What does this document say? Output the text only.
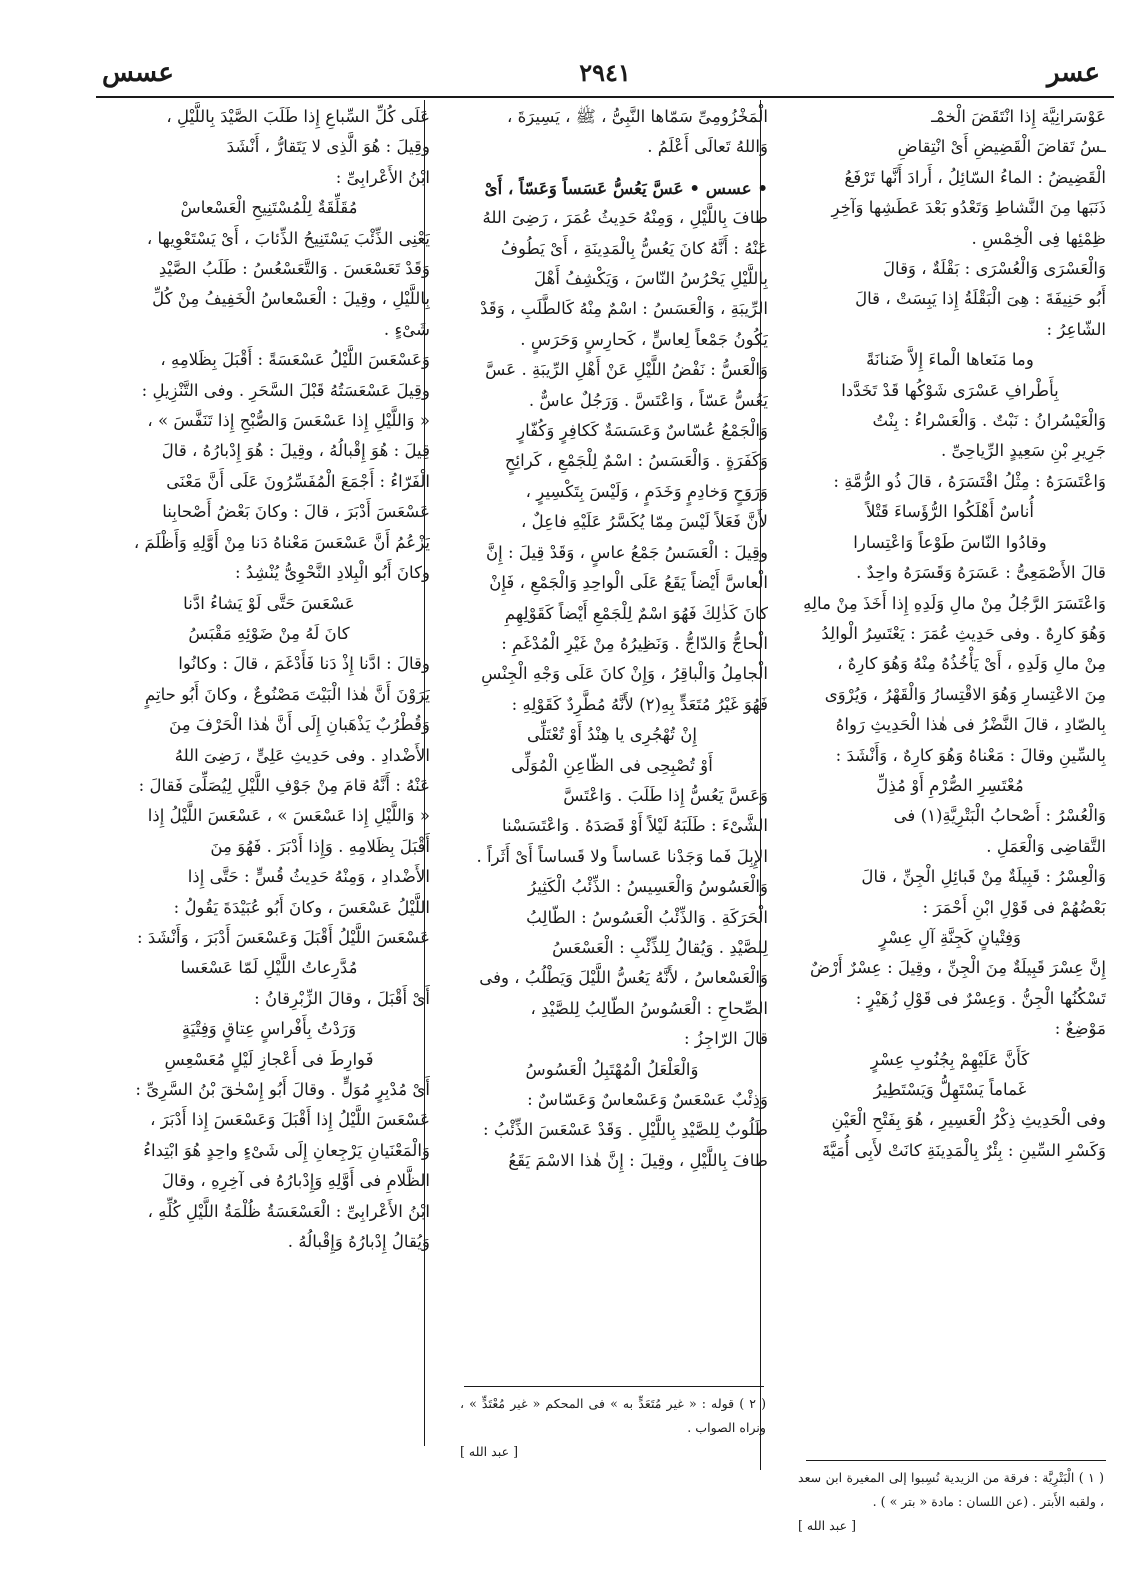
عسر
٢٩٤١
عسس

عَوْسَرانِيَّة إِذا انْتَقَضَ الْخمْـ

ـسُ تَقاضَ الْقَضِيضِ أَىْ انْتِقاضِ

الْقَضِيضُ : الماءُ السّائِلُ ، أَرادَ أَنَّها تَرْفَعُ

ذَنَبَها مِنَ النَّشاطِ وَتَعْدُو بَعْدَ عَطَشِها وَآخِرِ

ظِمْئِها فِى الْخِمْسِ .

وَالْعَسْرَى وَالْعُسْرَى : بَقْلَةٌ ، وَقالَ

أَبُو حَنِيفَةَ : هِىَ الْبَقْلَةُ إِذا يَبِسَتْ ، قالَ

الشّاعِرُ :

وما مَنَعاها الْماءَ إِلاَّ ضَنانَةً

بِأَطْرافِ عَسْرَى شَوْكُها قَدْ تَخَدَّدا

وَالْعَيْسُرانُ : نَبْتٌ . وَالْعَسْراءُ : بِنْتُ

جَرِيرِ بْنِ سَعِيدٍ الرِّياحِىِّ .

وَاعْتَسَرَهُ : مِثْلُ اقْتَسَرَهُ ، قالَ ذُو الرُّمَّةِ :

أُناسٌ أَهْلَكُوا الرُّؤَساءَ قَتْلاً

وقادُوا النّاسَ طَوْعاً وَاعْتِسارا

قالَ الأَصْمَعِىُّ : عَسَرَهُ وَقَسَرَهُ واحِدٌ .

وَاعْتَسَرَ الرَّجُلُ مِنْ مالِ وَلَدِهِ إِذا أَخَذَ مِنْ مالِهِ

وَهُوَ كارِهٌ . وفى حَدِيثِ عُمَرَ : يَعْتَسِرُ الْوالِدُ

مِنْ مالِ وَلَدِهِ ، أَىْ يَأْخُذُهُ مِنْهُ وَهُوَ كارِهٌ ،

مِنَ الاعْتِسارِ وَهُوَ الاقْتِسارُ وَالْقَهْرُ ، وَيُرْوَى

بِالصّادِ ، قالَ النَّضْرُ فى هٰذا الْحَدِيثِ رَواهُ

بِالسِّينِ وقالَ : مَعْناهُ وَهُوَ كارِهٌ ، وَأَنْشَدَ :

مُعْتَسِرِ الصُّرْمِ أَوْ مُذِلِّ

وَالْعُسْرُ : أَصْحابُ الْبَتْرِيَّةِ(١) فى

التَّقاضِى وَالْعَمَلِ .

وَالْعِسْرُ : قَبِيلَةٌ مِنْ قَبائِلِ الْجِنِّ ، قالَ

بَعْضُهُمْ فى قَوْلِ ابْنِ أَحْمَرَ :

وَفِتْيانٍ كَجِنَّةِ آلِ عِسْرٍ

إِنَّ عِسْرَ قَبِيلَةٌ مِنَ الْجِنِّ ، وقِيلَ : عِسْرٌ أَرْضٌ

تَسْكُنُها الْجِنُّ . وَعِسْرٌ فى قَوْلِ زُهَيْرٍ :

مَوْضِعٌ :

كَأَنَّ عَلَيْهِمْ بِجُنُوبِ عِسْرٍ

غَماماً يَسْتَهِلُّ وَيَسْتَطِيرُ

وفى الْحَدِيثِ ذِكْرُ الْعَسِيرِ ، هُوَ بِفَتْحِ الْعَيْنِ

وَكَسْرِ السِّينِ : بِئْرٌ بِالْمَدِينَةِ كانَتْ لأَبِى أُمَيَّةَ

الْمَخْزُومِىِّ سَمّاها النَّبِىُّ ، ﷺ ، يَسِيرَةَ ،

وَاللهُ تَعالَى أَعْلَمُ .

• عسس • عَسَّ يَعُسُّ عَسَساً وَعَسّاً ، أَىْ

طافَ بِاللَّيْلِ ، وَمِنْهُ حَدِيثُ عُمَرَ ، رَضِىَ اللهُ

عَنْهُ : أَنَّهُ كانَ يَعُسُّ بِالْمَدِينَةِ ، أَىْ يَطُوفُ

بِاللَّيْلِ يَحْرُسُ النّاسَ ، وَيَكْشِفُ أَهْلَ

الرِّيبَةِ ، وَالْعَسَسُ : اسْمٌ مِنْهُ كَالطَّلَبِ ، وَقَدْ

يَكُونُ جَمْعاً لِعاسٍّ ، كَحارِسٍ وَحَرَسٍ .

وَالْعَسُّ : نَفْضُ اللَّيْلِ عَنْ أَهْلِ الرِّيبَةِ . عَسَّ

يَعُسُّ عَسّاً ، وَاعْتَسَّ . وَرَجُلٌ عاسٌّ .

وَالْجَمْعُ عُسّاسٌ وَعَسَسَةٌ كَكافِرٍ وَكُفّارٍ

وَكَفَرَةٍ . وَالْعَسَسُ : اسْمٌ لِلْجَمْعِ ، كَرائِحٍ

وَرَوَحٍ وَخادِمٍ وَخَدَمٍ ، وَلَيْسَ بِتَكْسِيرٍ ،

لأَنَّ فَعَلاً لَيْسَ مِمّا يُكَسَّرُ عَلَيْهِ فاعِلٌ ،

وقِيلَ : الْعَسَسُ جَمْعُ عاسٍ ، وَقَدْ قِيلَ : إِنَّ

الْعاسَّ أَيْضاً يَقَعُ عَلَى الْواحِدِ وَالْجَمْعِ ، فَإِنْ

كانَ كَذٰلِكَ فَهُوَ اسْمٌ لِلْجَمْعِ أَيْضاً كَقَوْلِهِمِ

الْحاجُّ وَالدّاجُّ . وَنَظِيرُهُ مِنْ غَيْرِ الْمُدْغَمِ :

الْجامِلُ وَالْباقِرُ ، وَإِنْ كانَ عَلَى وَجْهِ الْجِنْسِ

فَهُوَ غَيْرُ مُتَعَدٍّ بِهِ(٢) لأَنَّهُ مُطَّرِدٌ كَقَوْلِهِ :

إِنْ تُهْجُرِى يا هِنْدُ أَوْ تُعْتَلِّى

أَوْ تُصْبِحِى فى الظّاعِنِ الْمُوَلِّى

وَعَسَّ يَعُسُّ إِذا طَلَبَ . وَاعْتَسَّ

الشَّىْءَ : طَلَبَهُ لَيْلاً أَوْ قَصَدَهُ . وَاعْتَسَسْنا

الإِبِلَ فَما وَجَدْنا عَساساً ولا قَساساً أَىْ أَثَراً .

وَالْعَسُوسُ وَالْعَسِيسُ : الذِّئْبُ الْكَثِيرُ

الْحَرَكَةِ . وَالذِّئْبُ الْعَسُوسُ : الطّالِبُ

لِلصَّيْدِ . وَيُقالُ لِلذِّئْبِ : الْعَسْعَسُ

وَالْعَسْعاسُ ، لأَنَّهُ يَعُسُّ اللَّيْلَ وَيَطْلُبُ ، وفى

الصِّحاحِ : الْعَسُوسُ الطّالِبُ لِلصَّيْدِ ،

قالَ الرّاجِزُ :

وَالْعَلْعَلُ الْمُهْتَبِلُ الْعَسُوسُ

وَذِئْبٌ عَسْعَسٌ وَعَسْعاسٌ وَعَسّاسٌ :

طَلُوبٌ لِلصَّيْدِ بِاللَّيْلِ . وَقَدْ عَسْعَسَ الذِّئْبُ :

طافَ بِاللَّيْلِ ، وقِيلَ : إِنَّ هٰذا الاسْمَ يَقَعُ

عَلَى كُلِّ السِّباعِ إِذا طَلَبَ الصَّيْدَ بِاللَّيْلِ ،

وقِيلَ : هُوَ الَّذِى لا يَتَقارُّ ، أَنْشَدَ

ابْنُ الأَعْرابِىِّ :

مُقَلِّقَةٌ لِلْمُسْتَنِيحِ الْعَسْعاسْ

يَعْنِى الذِّئْبَ يَسْتَنِيحُ الذِّئابَ ، أَىْ يَسْتَعْوِيها ،

وَقَدْ تَعَسْعَسَ . وَالتَّعَسْعُسُ : طَلَبُ الصَّيْدِ

بِاللَّيْلِ ، وقِيلَ : الْعَسْعاسُ الْخَفِيفُ مِنْ كُلِّ

شَىْءٍ .

وَعَسْعَسَ اللَّيْلُ عَسْعَسَةً : أَقْبَلَ بِظَلامِهِ ،

وقِيلَ عَسْعَسَتُهُ قَبْلَ السَّحَرِ . وفى التَّنْزِيلِ :

« وَاللَّيْلِ إِذا عَسْعَسَ وَالصُّبْحِ إِذا تَنَفَّسَ » ،

قِيلَ : هُوَ إِقْبالُهُ ، وقِيلَ : هُوَ إِدْبارُهُ ، قالَ

الْفَرّاءُ : أَجْمَعَ الْمُفَسِّرُونَ عَلَى أَنَّ مَعْنَى

عَسْعَسَ أَدْبَرَ ، قالَ : وكانَ بَعْضُ أَصْحابِنا

يَزْعُمُ أَنَّ عَسْعَسَ مَعْناهُ دَنا مِنْ أَوَّلِهِ وَأَظْلَمَ ،

وكانَ أَبُو الْبِلادِ النَّحْوِىُّ يُنْشِدُ :

عَسْعَسَ حَتَّى لَوْ يَشاءُ ادَّنا

كانَ لَهُ مِنْ ضَوْئِهِ مَقْبَسُ

وقالَ : ادَّنا إِذْ دَنا فَأَدْغَمَ ، قالَ : وكانُوا

يَرَوْنَ أَنَّ هٰذا الْبَيْتَ مَصْنُوعٌ ، وكانَ أَبُو حاتِمٍ

وَقُطْرُبٌ يَذْهَبانِ إِلَى أَنَّ هٰذا الْحَرْفَ مِنَ

الأَضْدادِ . وفى حَدِيثِ عَلِىٍّ ، رَضِىَ اللهُ

عَنْهُ : أَنَّهُ قامَ مِنْ جَوْفِ اللَّيْلِ لِيُصَلِّىَ فَقالَ :

« وَاللَّيْلِ إِذا عَسْعَسَ » ، عَسْعَسَ اللَّيْلُ إِذا

أَقْبَلَ بِظَلامِهِ . وَإِذا أَدْبَرَ . فَهُوَ مِنَ

الأَضْدادِ ، وَمِنْهُ حَدِيثُ قُسٍّ : حَتَّى إِذا

اللَّيْلُ عَسْعَسَ ، وكانَ أَبُو عُبَيْدَةَ يَقُولُ :

عَسْعَسَ اللَّيْلُ أَقْبَلَ وَعَسْعَسَ أَدْبَرَ ، وَأَنْشَدَ :

مُدَّرِعاتُ اللَّيْلِ لَمّا عَسْعَسا

أَىْ أَقْبَلَ ، وقالَ الزِّبْرِقانُ :

وَرَدْتُ بِأَفْراسٍ عِتاقٍ وَفِتْيَةٍ

فَوارِطَ فى أَعْجازِ لَيْلٍ مُعَسْعِسِ

أَىْ مُدْبِرٍ مُوَلٍّ . وقالَ أَبُو إِسْحٰقَ بْنُ السَّرِىِّ :

عَسْعَسَ اللَّيْلُ إِذا أَقْبَلَ وَعَسْعَسَ إِذا أَدْبَرَ ،

وَالْمَعْنَيانِ يَرْجِعانِ إِلَى شَىْءٍ واحِدٍ هُوَ ابْتِداءُ

الظَّلامِ فى أَوَّلِهِ وَإِدْبارُهُ فى آخِرِهِ ، وقالَ

ابْنُ الأَعْرابِىِّ : الْعَسْعَسَةُ ظُلْمَةُ اللَّيْلِ كُلِّهِ ،

وَيُقالُ إِدْبارُهُ وَإِقْبالُهُ .

( ١ ) الْبَتْرِيَّة : فرقة من الزيدية نُسِبوا إلى المغيرة ابن سعد ، ولقبه الأَبتر . (عن اللسان : مادة « بتر » ) .
[ عبد الله ]
( ٢ ) قوله : « غير مُتَعَدٍّ به » فى المحكم « غير مُعْتَدٍّ » ، ونراه الصواب .
[ عبد الله ]
